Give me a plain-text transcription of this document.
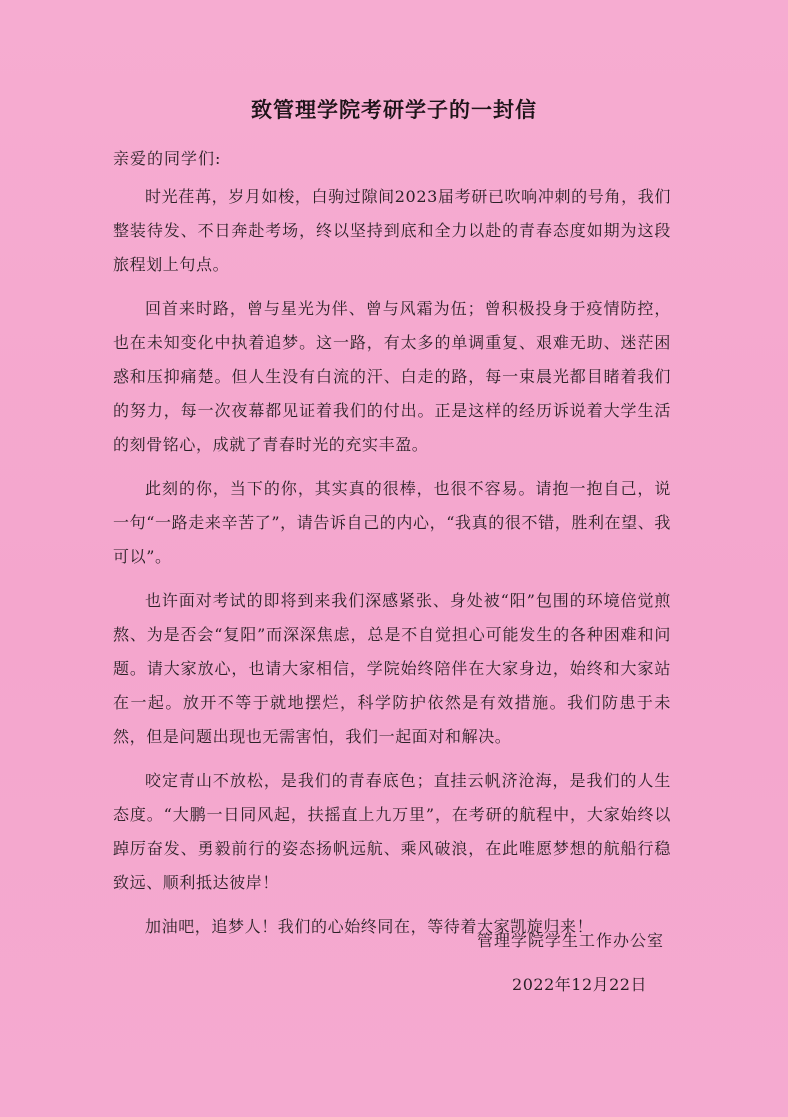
致管理学院考研学子的一封信
亲爱的同学们:

时光荏苒，岁月如梭，白驹过隙间2023届考研已吹响冲刺的号角，我们整装待发、不日奔赴考场，终以坚持到底和全力以赴的青春态度如期为这段旅程划上句点。

回首来时路，曾与星光为伴、曾与风霜为伍；曾积极投身于疫情防控，也在未知变化中执着追梦。这一路，有太多的单调重复、艰难无助、迷茫困惑和压抑痛楚。但人生没有白流的汗、白走的路，每一束晨光都目睹着我们的努力，每一次夜幕都见证着我们的付出。正是这样的经历诉说着大学生活的刻骨铭心，成就了青春时光的充实丰盈。

此刻的你，当下的你，其实真的很棒，也很不容易。请抱一抱自己，说一句“一路走来辛苦了”，请告诉自己的内心，“我真的很不错，胜利在望、我可以”。

也许面对考试的即将到来我们深感紧张、身处被“阳”包围的环境倍觉煎熬、为是否会“复阳”而深深焦虑，总是不自觉担心可能发生的各种困难和问题。请大家放心，也请大家相信，学院始终陪伴在大家身边，始终和大家站在一起。放开不等于就地摆烂，科学防护依然是有效措施。我们防患于未然，但是问题出现也无需害怕，我们一起面对和解决。

咬定青山不放松，是我们的青春底色；直挂云帆济沧海，是我们的人生态度。“大鹏一日同风起，扶摇直上九万里”，在考研的航程中，大家始终以踔厉奋发、勇毅前行的姿态扬帆远航、乘风破浪，在此唯愿梦想的航船行稳致远、顺利抵达彼岸！

加油吧，追梦人！我们的心始终同在，等待着大家凯旋归来！

管理学院学生工作办公室
2022年12月22日
